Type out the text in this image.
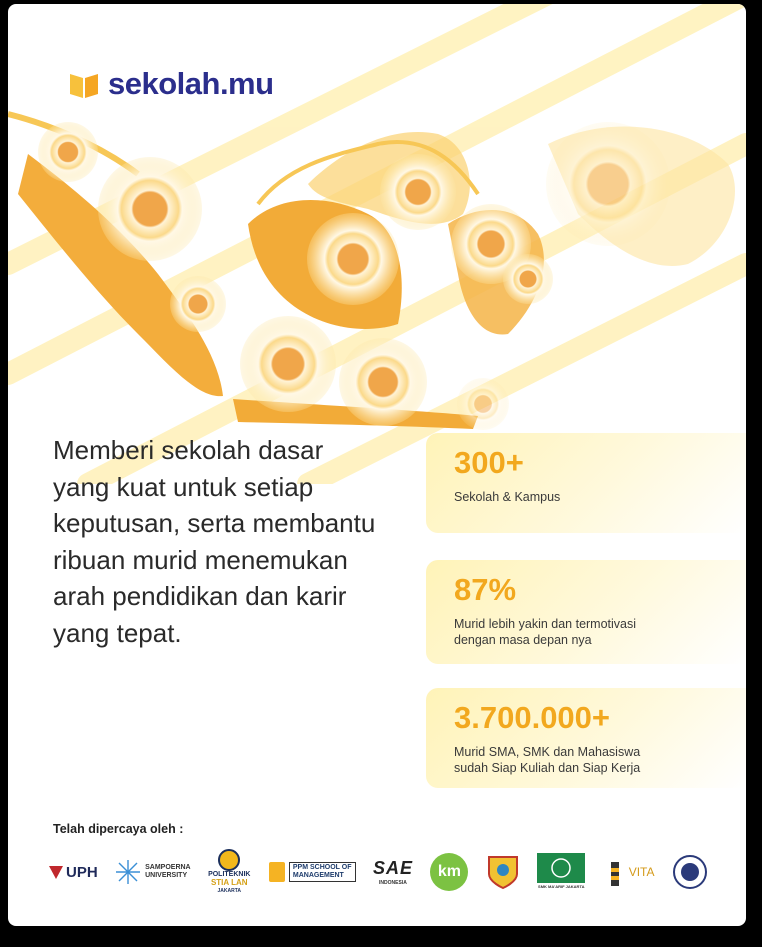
sekolah.mu
Memberi sekolah dasar yang kuat untuk setiap keputusan, serta membantu ribuan murid menemukan arah pendidikan dan karir yang tepat.
300+
Sekolah & Kampus
87%
Murid lebih yakin dan termotivasi
dengan masa depan nya
3.700.000+
Murid SMA, SMK dan Mahasiswa
sudah Siap Kuliah dan Siap Kerja
Telah dipercaya oleh :
UPH	SAMPOERNA
UNIVERSITY	POLITEKNIK
STIA LAN
JAKARTA
PPM SCHOOL OF
MANAGEMENT	SAE
INDONESIA
km
SMK MA'ARIF JAKARTA
VITA
